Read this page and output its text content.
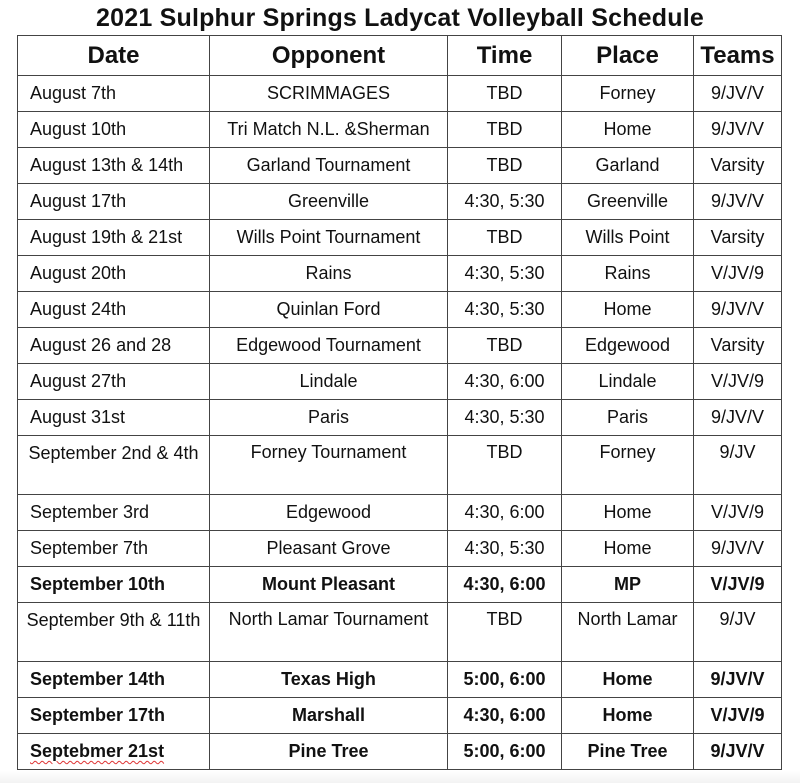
2021 Sulphur Springs Ladycat Volleyball Schedule
Date	Opponent	Time	Place	Teams
August 7th	SCRIMMAGES	TBD	Forney	9/JV/V
August 10th	Tri Match N.L. &Sherman	TBD	Home	9/JV/V
August 13th & 14th	Garland Tournament	TBD	Garland	Varsity
August 17th	Greenville	4:30, 5:30	Greenville	9/JV/V
August 19th & 21st	Wills Point Tournament	TBD	Wills Point	Varsity
August 20th	Rains	4:30, 5:30	Rains	V/JV/9
August 24th	Quinlan Ford	4:30, 5:30	Home	9/JV/V
August 26 and 28	Edgewood Tournament	TBD	Edgewood	Varsity
August 27th	Lindale	4:30, 6:00	Lindale	V/JV/9
August 31st	Paris	4:30, 5:30	Paris	9/JV/V
September 2nd & 4th	Forney Tournament	TBD	Forney	9/JV
September 3rd	Edgewood	4:30, 6:00	Home	V/JV/9
September 7th	Pleasant Grove	4:30, 5:30	Home	9/JV/V
September 10th	Mount Pleasant	4:30, 6:00	MP	V/JV/9
September 9th & 11th	North Lamar Tournament	TBD	North Lamar	9/JV
September 14th	Texas High	5:00, 6:00	Home	9/JV/V
September 17th	Marshall	4:30, 6:00	Home	V/JV/9
Septebmer 21st	Pine Tree	5:00, 6:00	Pine Tree	9/JV/V
